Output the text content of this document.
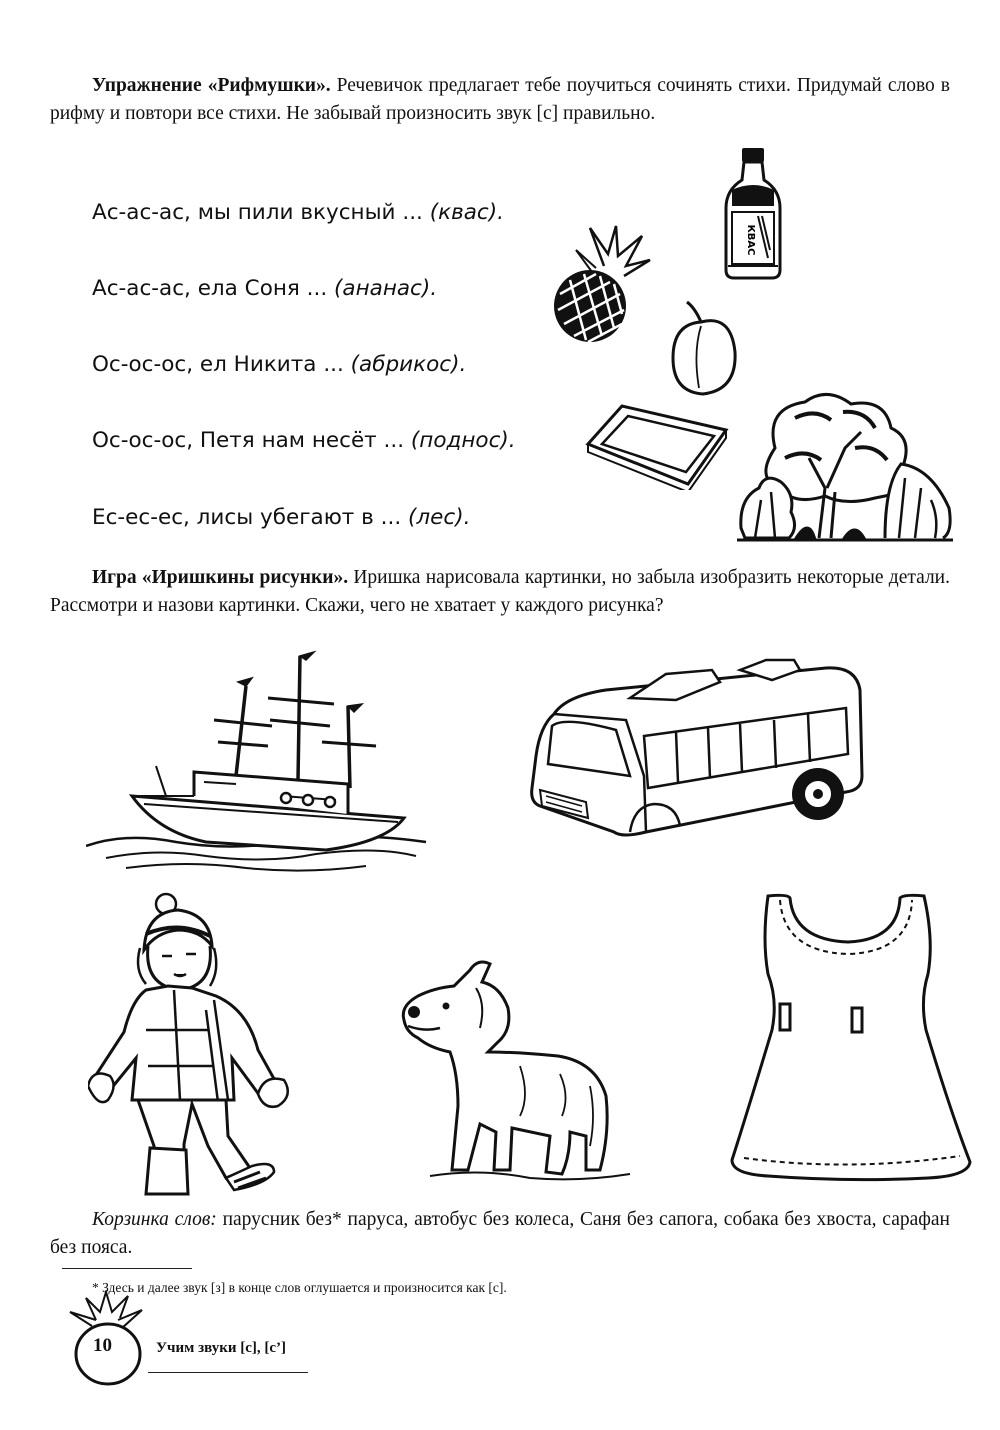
Упражнение «Рифмушки». Речевичок предлагает тебе поучиться сочинять стихи. Придумай слово в рифму и повтори все стихи. Не забывай произносить звук [с] правильно.

Ас-ас-ас, мы пили вкусный ... (квас).

Ас-ас-ас, ела Соня ... (ананас).

Ос-ос-ос, ел Никита ... (абрикос).

Ос-ос-ос, Петя нам несёт ... (поднос).

Ес-ес-ес, лисы убегают в ... (лес).

КВАС

Игра «Иришкины рисунки». Иришка нарисовала картинки, но забыла изобразить некоторые детали. Рассмотри и назови картинки. Скажи, чего не хватает у каждого рисунка?

Корзинка слов: парусник без* паруса, автобус без колеса, Саня без сапога, собака без хвоста, сарафан без пояса.

* Здесь и далее звук [з] в конце слов оглушается и произносится как [с].

10	Учим звуки [с], [с’]
